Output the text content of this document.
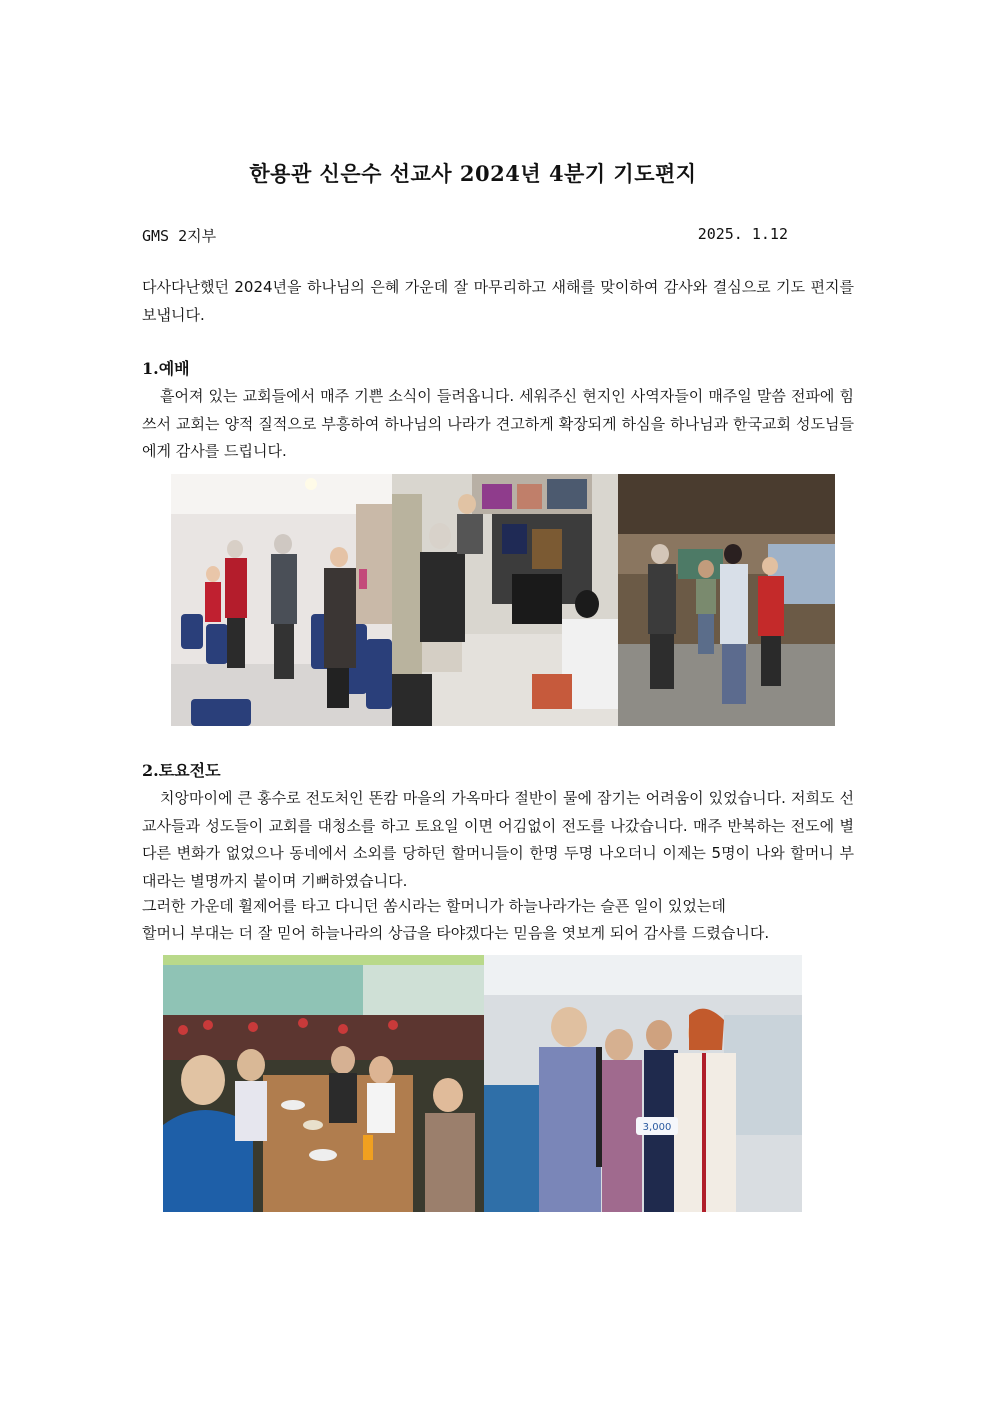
한용관 신은수 선교사 2024년 4분기 기도편지
GMS 2지부	2025. 1.12
다사다난했던 2024년을 하나님의 은혜 가운데 잘 마무리하고 새해를 맞이하여 감사와 결심으로 기도 편지를 보냅니다.
1.예배
흩어져 있는 교회들에서 매주 기쁜 소식이 들려옵니다. 세워주신 현지인 사역자들이 매주일 말씀 전파에 힘쓰서 교회는 양적 질적으로 부흥하여 하나님의 나라가 견고하게 확장되게 하심을 하나님과 한국교회 성도님들에게 감사를 드립니다.
2.토요전도
치앙마이에 큰 홍수로 전도처인 똔캄 마을의 가옥마다 절반이 물에 잠기는 어려움이 있었습니다. 저희도 선교사들과 성도들이 교회를 대청소를 하고 토요일 이면 어김없이 전도를 나갔습니다. 매주 반복하는 전도에 별다른 변화가 없었으나 동네에서 소외를 당하던 할머니들이 한명 두명 나오더니 이제는 5명이 나와 할머니 부대라는 별명까지 붙이며 기뻐하였습니다.
그러한 가운데 휠제어를 타고 다니던 쏨시라는 할머니가 하늘나라가는 슬픈 일이 있었는데
할머니 부대는 더 잘 믿어 하늘나라의 상급을 타야겠다는 믿음을 엿보게 되어 감사를 드렸습니다.
3,000
